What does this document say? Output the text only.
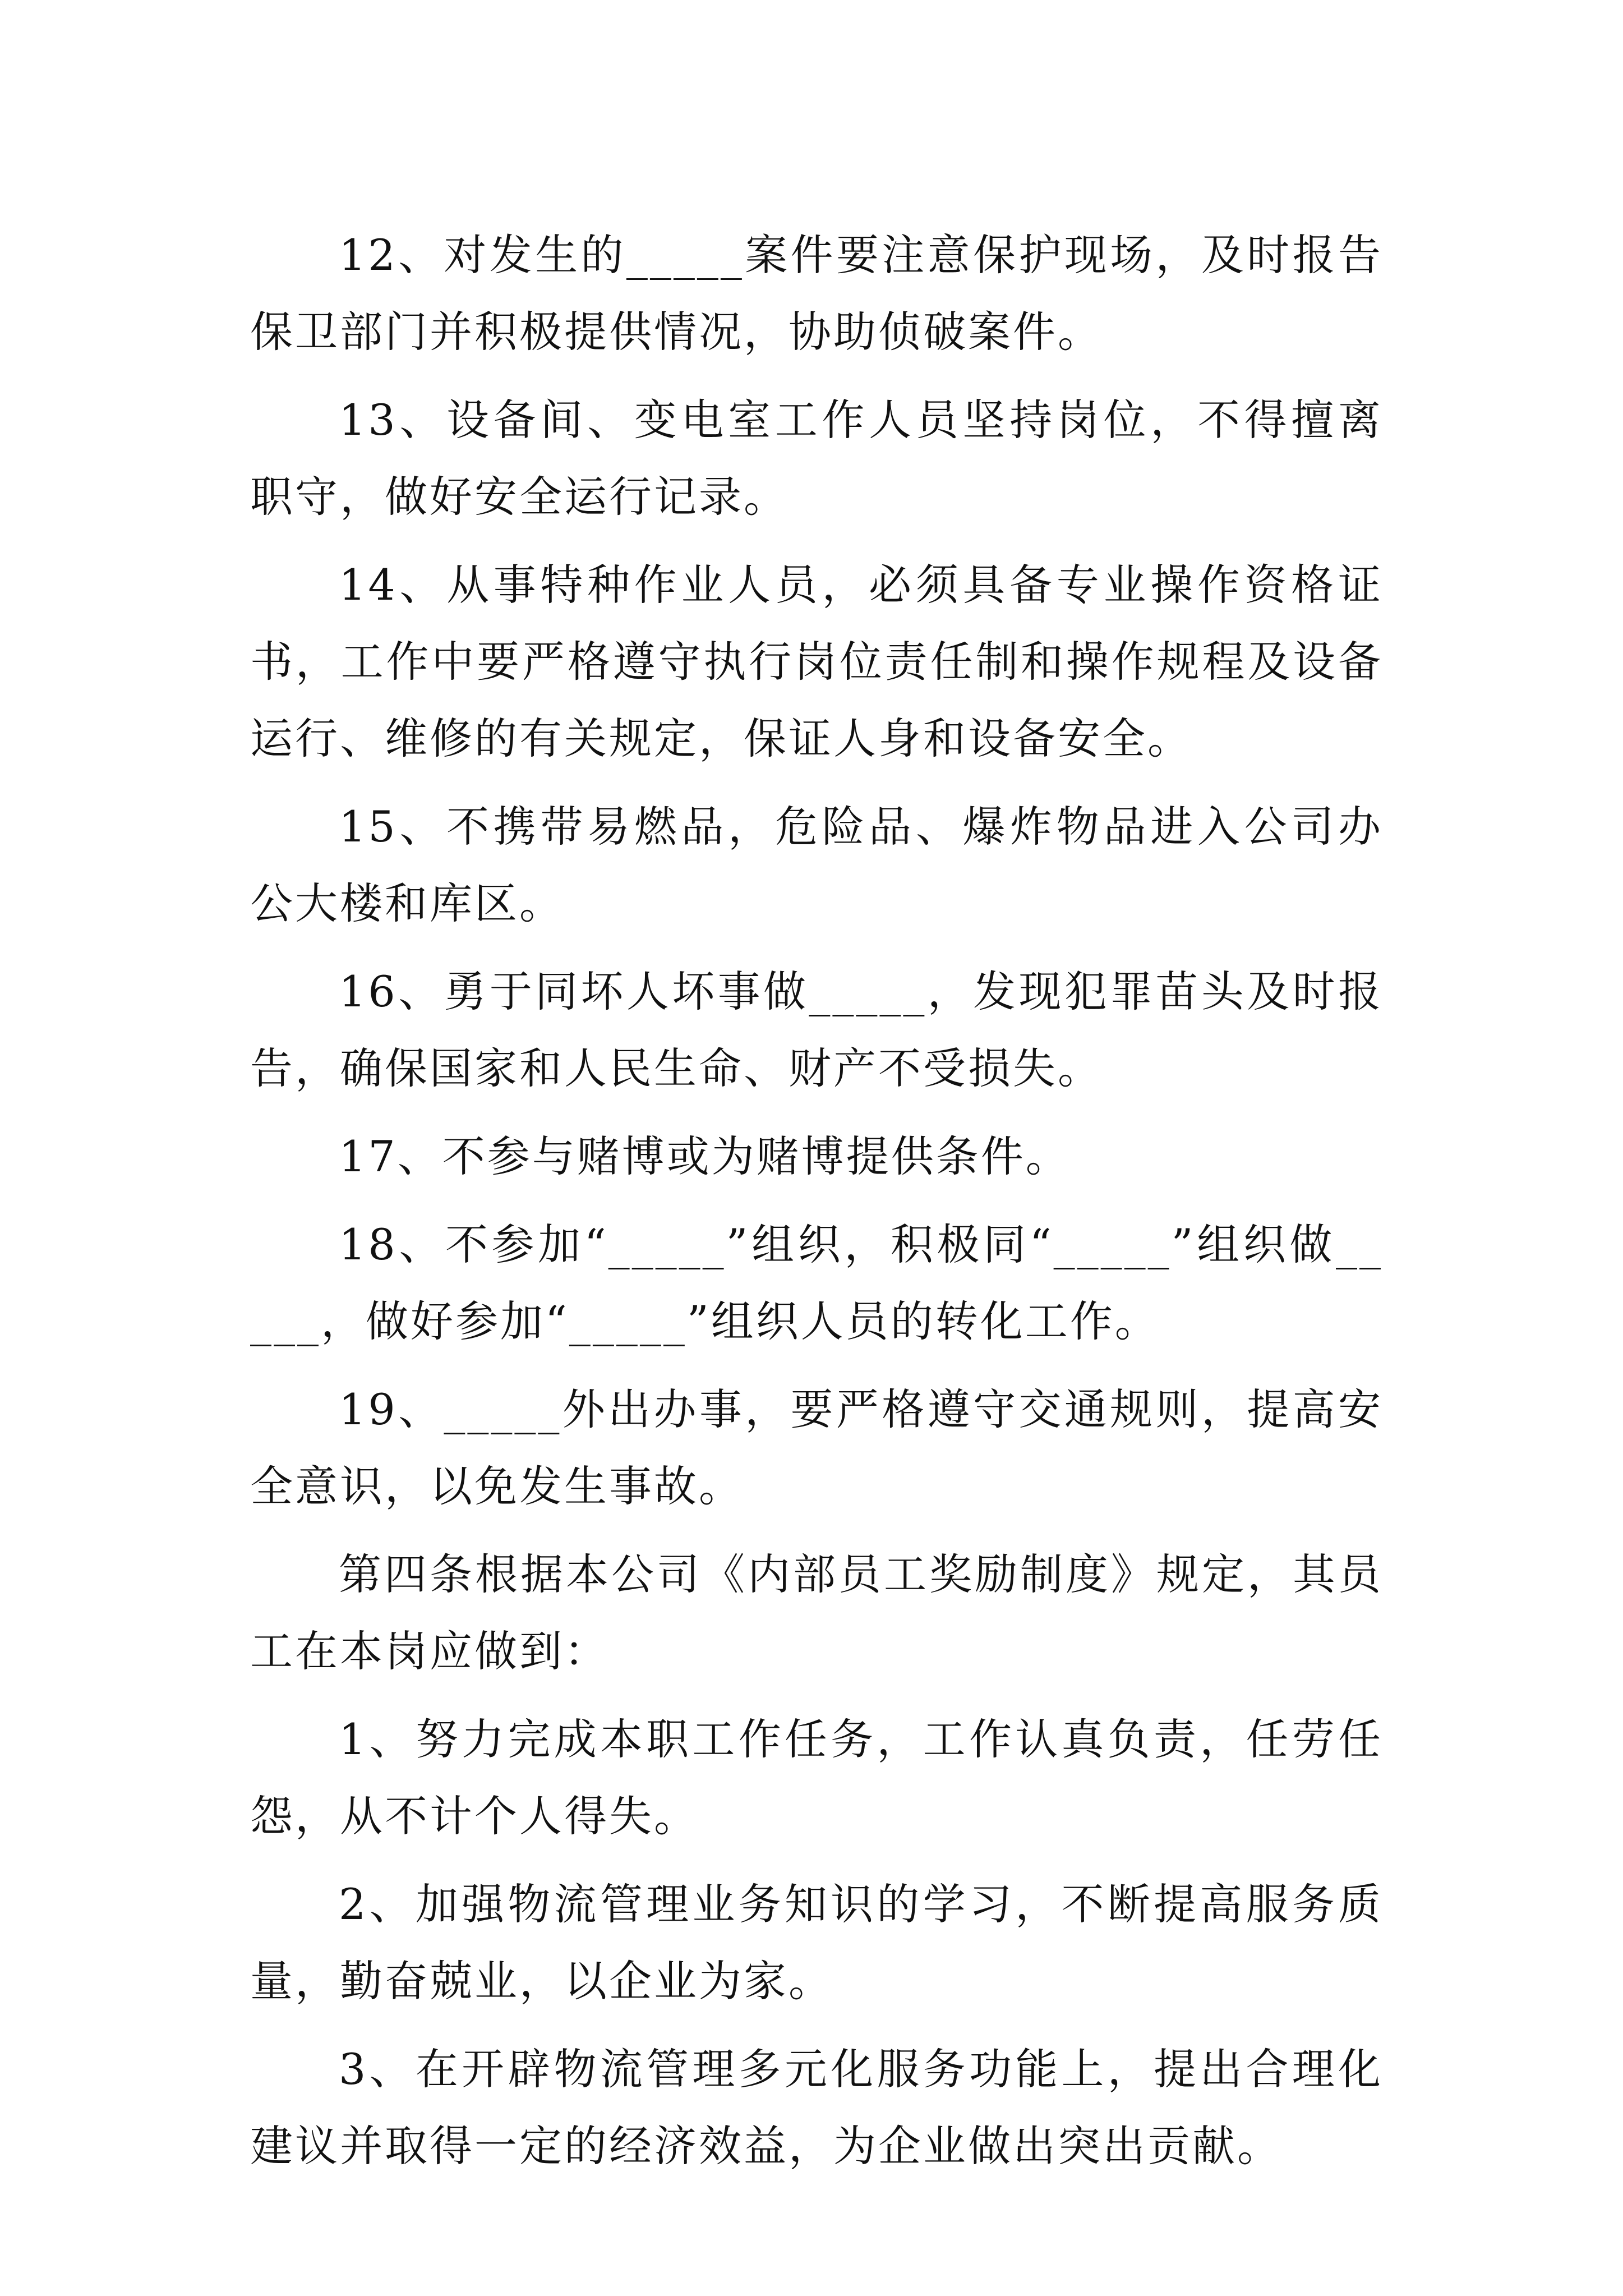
12、对发生的_____案件要注意保护现场，及时报告保卫部门并积极提供情况，协助侦破案件。

13、设备间、变电室工作人员坚持岗位，不得擅离职守，做好安全运行记录。

14、从事特种作业人员，必须具备专业操作资格证书，工作中要严格遵守执行岗位责任制和操作规程及设备运行、维修的有关规定，保证人身和设备安全。

15、不携带易燃品，危险品、爆炸物品进入公司办公大楼和库区。

16、勇于同坏人坏事做_____，发现犯罪苗头及时报告，确保国家和人民生命、财产不受损失。

17、不参与赌博或为赌博提供条件。

18、不参加“_____”组织，积极同“_____”组织做_____，做好参加“_____”组织人员的转化工作。

19、_____外出办事，要严格遵守交通规则，提高安全意识，以免发生事故。

第四条根据本公司《内部员工奖励制度》规定，其员工在本岗应做到：

1、努力完成本职工作任务，工作认真负责，任劳任怨，从不计个人得失。

2、加强物流管理业务知识的学习，不断提高服务质量，勤奋兢业，以企业为家。

3、在开辟物流管理多元化服务功能上，提出合理化建议并取得一定的经济效益，为企业做出突出贡献。
